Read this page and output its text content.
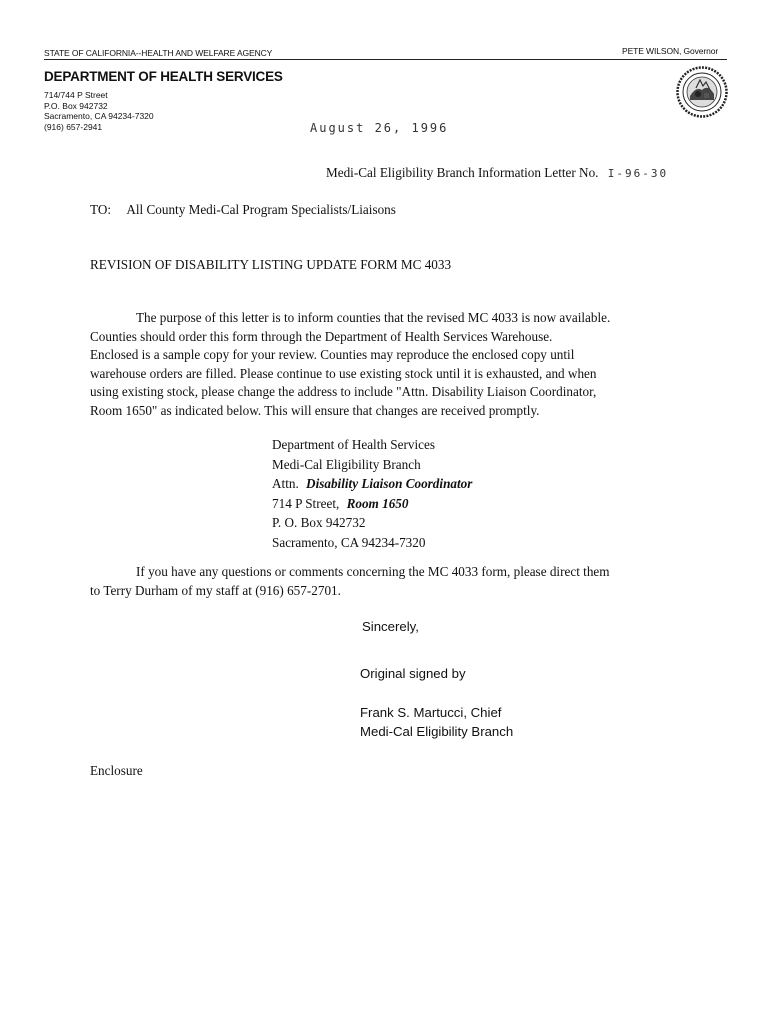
STATE OF CALIFORNIA--HEALTH AND WELFARE AGENCY	PETE WILSON, Governor
DEPARTMENT OF HEALTH SERVICES
714/744 P Street
P.O. Box 942732
Sacramento, CA 94234-7320
(916) 657-2941	August 26, 1996
Medi-Cal Eligibility Branch Information Letter No. I-96-30
TO: All County Medi-Cal Program Specialists/Liaisons
REVISION OF DISABILITY LISTING UPDATE FORM MC 4033
The purpose of this letter is to inform counties that the revised MC 4033 is now available.
Counties should order this form through the Department of Health Services Warehouse.
Enclosed is a sample copy for your review. Counties may reproduce the enclosed copy until
warehouse orders are filled. Please continue to use existing stock until it is exhausted, and when
using existing stock, please change the address to include "Attn. Disability Liaison Coordinator,
Room 1650" as indicated below. This will ensure that changes are received promptly.
Department of Health Services
Medi-Cal Eligibility Branch
Attn. Disability Liaison Coordinator
714 P Street, Room 1650
P. O. Box 942732
Sacramento, CA 94234-7320
If you have any questions or comments concerning the MC 4033 form, please direct them
to Terry Durham of my staff at (916) 657-2701.
Sincerely,
Original signed by
Frank S. Martucci, Chief
Medi-Cal Eligibility Branch
Enclosure
